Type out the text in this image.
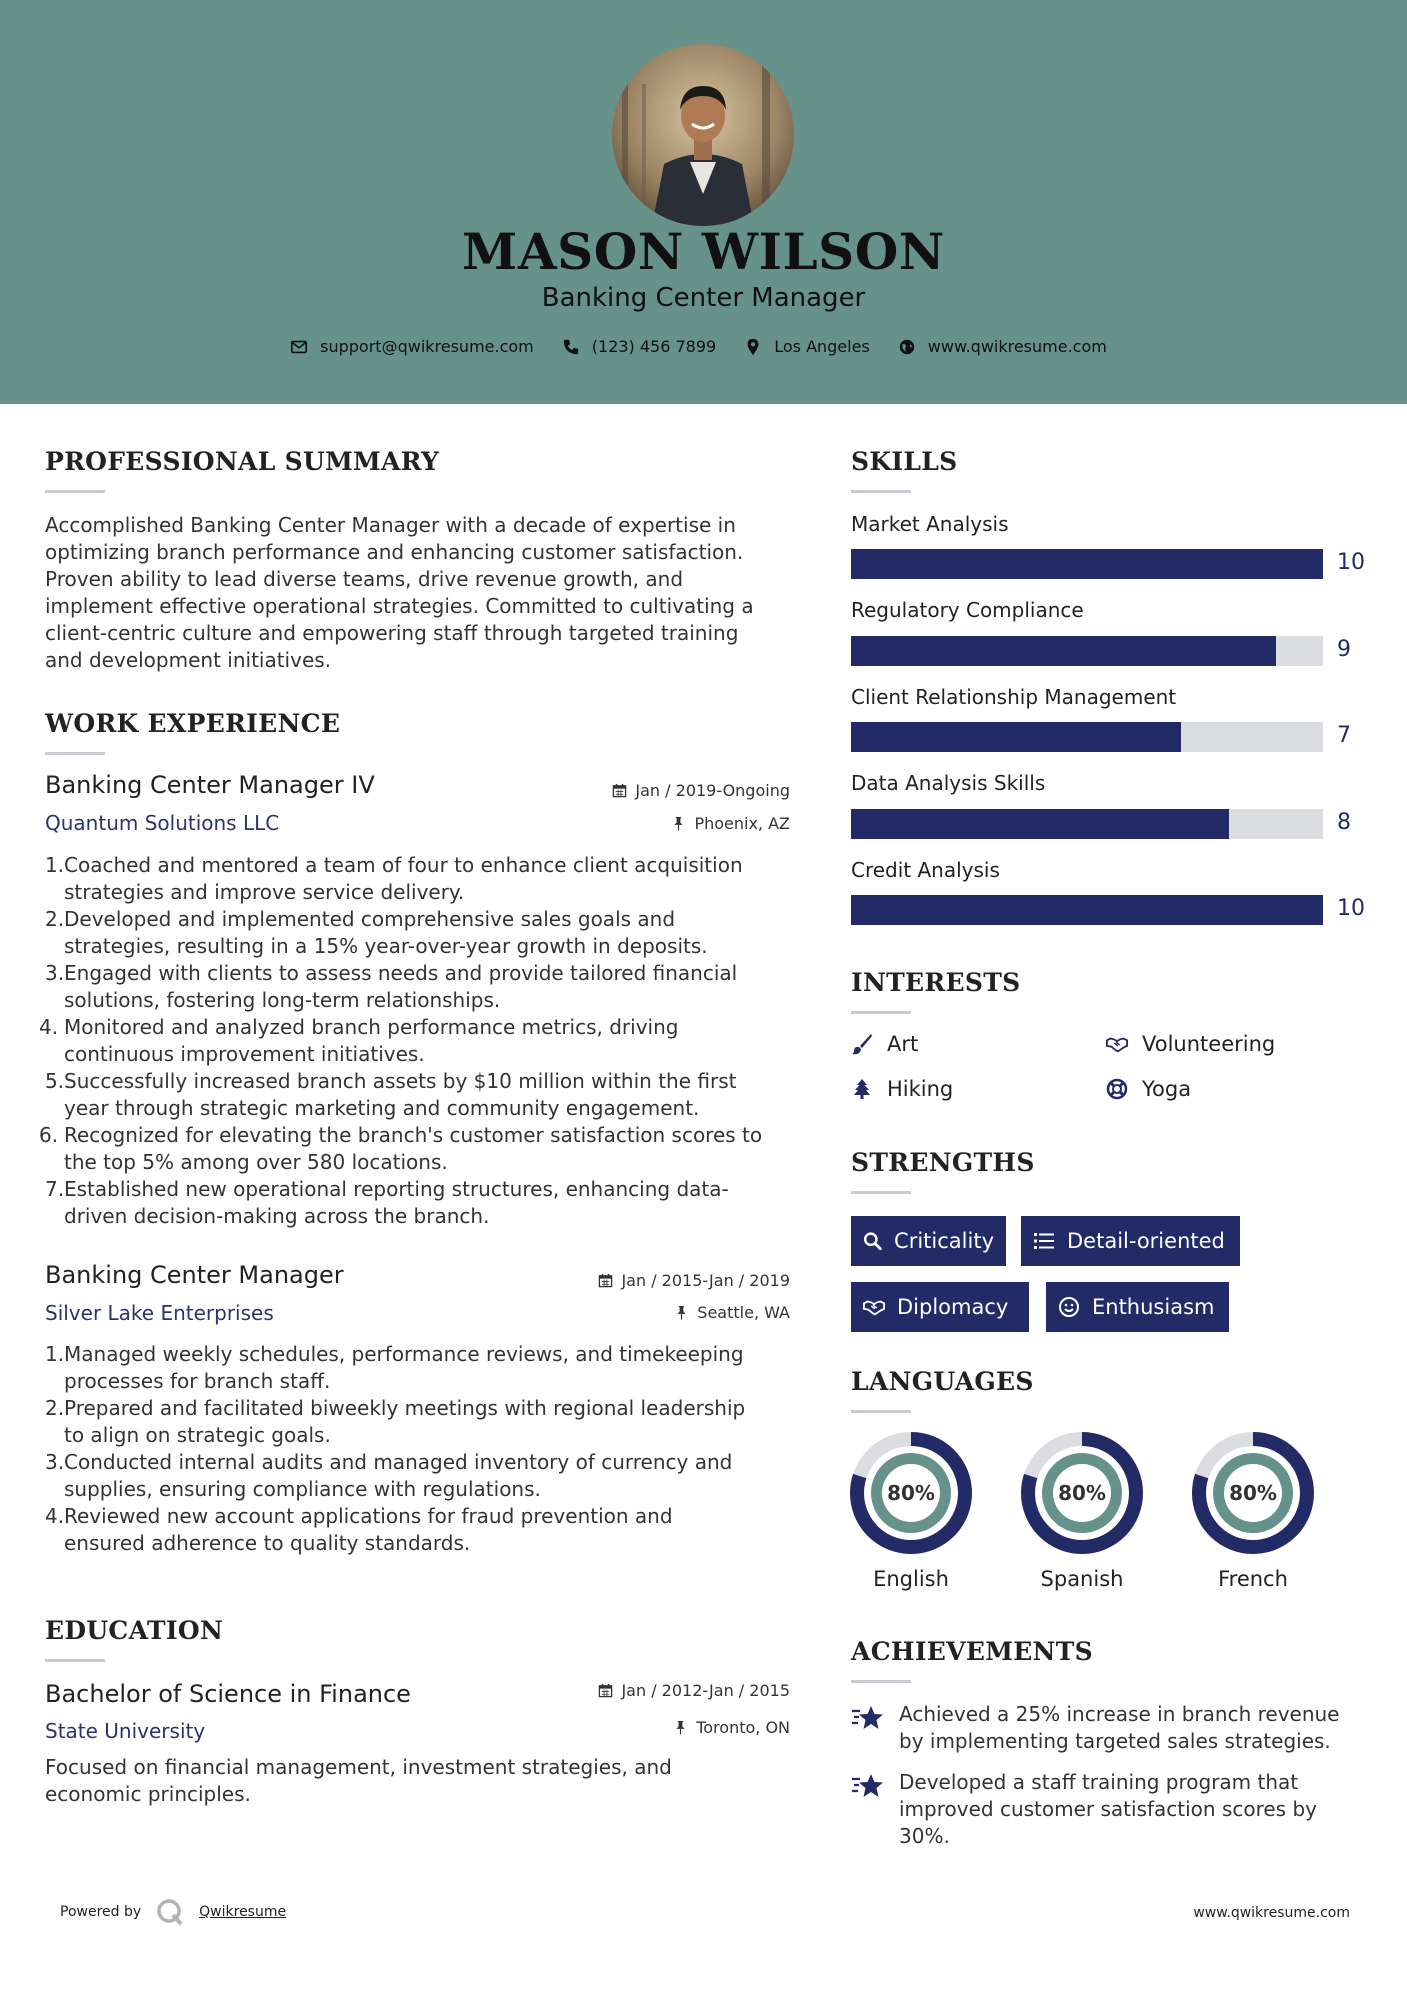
MASON WILSON
Banking Center Manager
support@qwikresume.com	(123) 456 7899	Los Angeles	www.qwikresume.com
PROFESSIONAL SUMMARY
Accomplished Banking Center Manager with a decade of expertise in
optimizing branch performance and enhancing customer satisfaction.
Proven ability to lead diverse teams, drive revenue growth, and
implement effective operational strategies. Committed to cultivating a
client-centric culture and empowering staff through targeted training
and development initiatives.
WORK EXPERIENCE
Banking Center Manager IV	Jan / 2019-Ongoing
Quantum Solutions LLC	Phoenix, AZ
1. Coached and mentored a team of four to enhance client acquisition
strategies and improve service delivery.
2. Developed and implemented comprehensive sales goals and
strategies, resulting in a 15% year-over-year growth in deposits.
3. Engaged with clients to assess needs and provide tailored financial
solutions, fostering long-term relationships.
4. Monitored and analyzed branch performance metrics, driving
continuous improvement initiatives.
5. Successfully increased branch assets by $10 million within the first
year through strategic marketing and community engagement.
6. Recognized for elevating the branch's customer satisfaction scores to
the top 5% among over 580 locations.
7. Established new operational reporting structures, enhancing data-
driven decision-making across the branch.
Banking Center Manager	Jan / 2015-Jan / 2019
Silver Lake Enterprises	Seattle, WA
1. Managed weekly schedules, performance reviews, and timekeeping
processes for branch staff.
2. Prepared and facilitated biweekly meetings with regional leadership
to align on strategic goals.
3. Conducted internal audits and managed inventory of currency and
supplies, ensuring compliance with regulations.
4. Reviewed new account applications for fraud prevention and
ensured adherence to quality standards.
EDUCATION
Bachelor of Science in Finance	Jan / 2012-Jan / 2015
State University	Toronto, ON
Focused on financial management, investment strategies, and
economic principles.
SKILLS
Market Analysis
10
Regulatory Compliance
9
Client Relationship Management
7
Data Analysis Skills
8
Credit Analysis
10
INTERESTS
Art	Volunteering
Hiking	Yoga
STRENGTHS
Criticality	Detail-oriented
Diplomacy	Enthusiasm
LANGUAGES
80%
English
80%
Spanish
80%
French
ACHIEVEMENTS
Achieved a 25% increase in branch revenue
by implementing targeted sales strategies.
Developed a staff training program that
improved customer satisfaction scores by
30%.
Powered by	Qwikresume	www.qwikresume.com
